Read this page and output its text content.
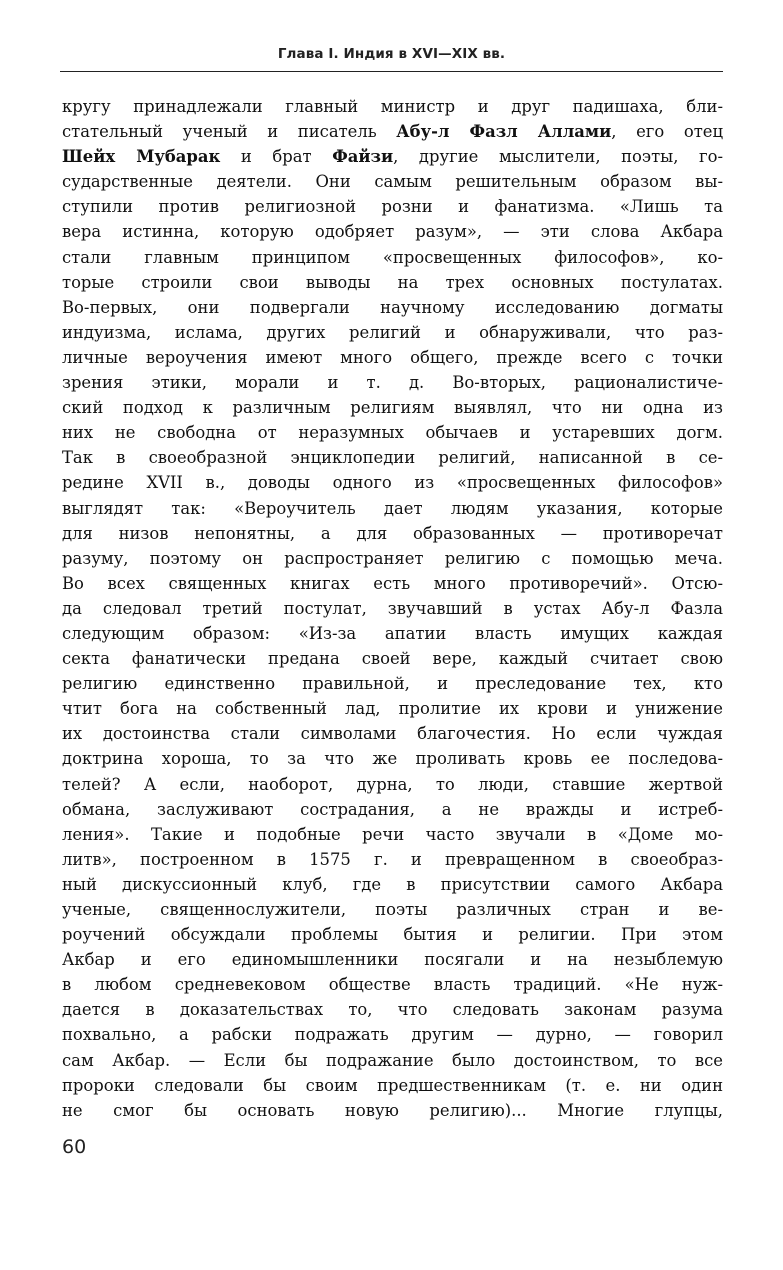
Глава I. Индия в XVI—XIX вв.
кругу принадлежали главный министр и друг падишаха, бли-
стательный ученый и писатель Абу-л Фазл Аллами, его отец
Шейх Мубарак и брат Файзи, другие мыслители, поэты, го-
сударственные деятели. Они самым решительным образом вы-
ступили против религиозной розни и фанатизма. «Лишь та
вера истинна, которую одобряет разум», — эти слова Акбара
стали главным принципом «просвещенных философов», ко-
торые строили свои выводы на трех основных постулатах.
Во-первых, они подвергали научному исследованию догматы
индуизма, ислама, других религий и обнаруживали, что раз-
личные вероучения имеют много общего, прежде всего с точки
зрения этики, морали и т. д. Во-вторых, рационалистиче-
ский подход к различным религиям выявлял, что ни одна из
них не свободна от неразумных обычаев и устаревших догм.
Так в своеобразной энциклопедии религий, написанной в се-
редине XVII в., доводы одного из «просвещенных философов»
выглядят так: «Вероучитель дает людям указания, которые
для низов непонятны, а для образованных — противоречат
разуму, поэтому он распространяет религию с помощью меча.
Во всех священных книгах есть много противоречий». Отсю-
да следовал третий постулат, звучавший в устах Абу-л Фазла
следующим образом: «Из-за апатии власть имущих каждая
секта фанатически предана своей вере, каждый считает свою
религию единственно правильной, и преследование тех, кто
чтит бога на собственный лад, пролитие их крови и унижение
их достоинства стали символами благочестия. Но если чуждая
доктрина хороша, то за что же проливать кровь ее последова-
телей? А если, наоборот, дурна, то люди, ставшие жертвой
обмана, заслуживают сострадания, а не вражды и истреб-
ления». Такие и подобные речи часто звучали в «Доме мо-
литв», построенном в 1575 г. и превращенном в своеобраз-
ный дискуссионный клуб, где в присутствии самого Акбара
ученые, священнослужители, поэты различных стран и ве-
роучений обсуждали проблемы бытия и религии. При этом
Акбар и его единомышленники посягали и на незыблемую
в любом средневековом обществе власть традиций. «Не нуж-
дается в доказательствах то, что следовать законам разума
похвально, а рабски подражать другим — дурно, — говорил
сам Акбар. — Если бы подражание было достоинством, то все
пророки следовали бы своим предшественникам (т. е. ни один
не смог бы основать новую религию)... Многие глупцы,
60
